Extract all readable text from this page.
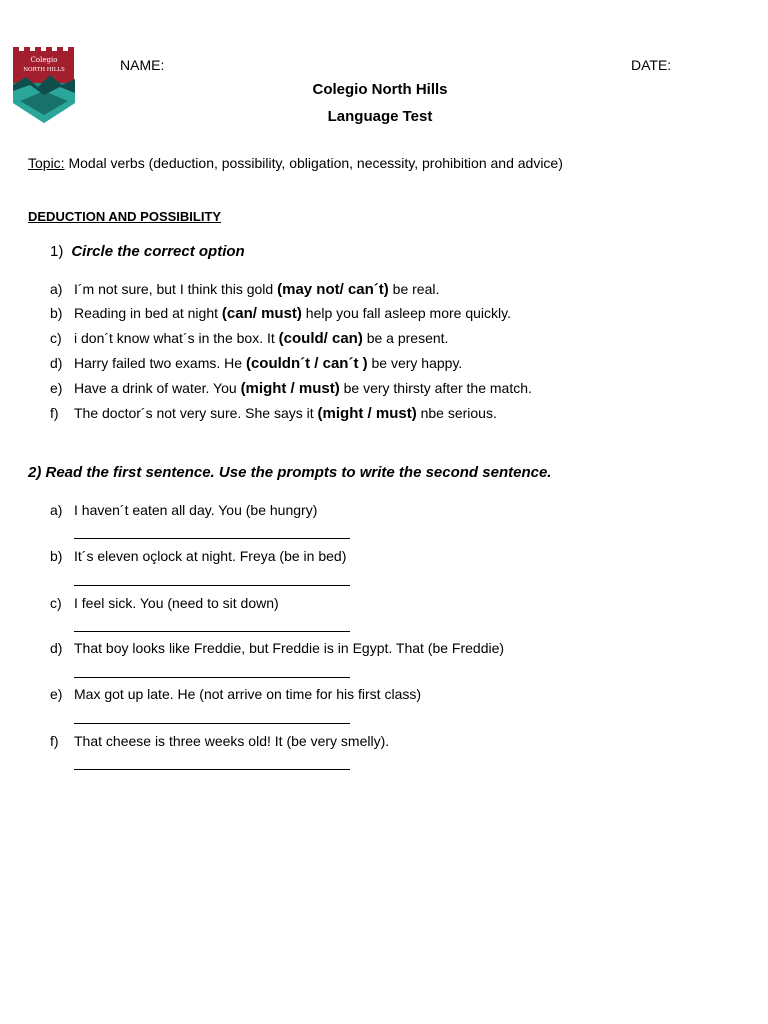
Colegio
NORTH HILLS	NAME:	DATE:
Colegio North Hills
Language Test
Topic: Modal verbs (deduction, possibility, obligation, necessity, prohibition and advice)
DEDUCTION AND POSSIBILITY
1) Circle the correct option
a) I´m not sure, but I think this gold (may not/ can´t) be real.
b) Reading in bed at night (can/ must) help you fall asleep more quickly.
c) i don´t know what´s in the box. It (could/ can) be a present.
d) Harry failed two exams. He (couldn´t / can´t ) be very happy.
e) Have a drink of water. You (might / must) be very thirsty after the match.
f) The doctor´s not very sure. She says it (might / must) nbe serious.
2) Read the first sentence. Use the prompts to write the second sentence.
a) I haven´t eaten all day. You (be hungry)
b) It´s eleven oçlock at night. Freya (be in bed)
c) I feel sick. You (need to sit down)
d) That boy looks like Freddie, but Freddie is in Egypt. That (be Freddie)
e) Max got up late. He (not arrive on time for his first class)
f) That cheese is three weeks old! It (be very smelly).
